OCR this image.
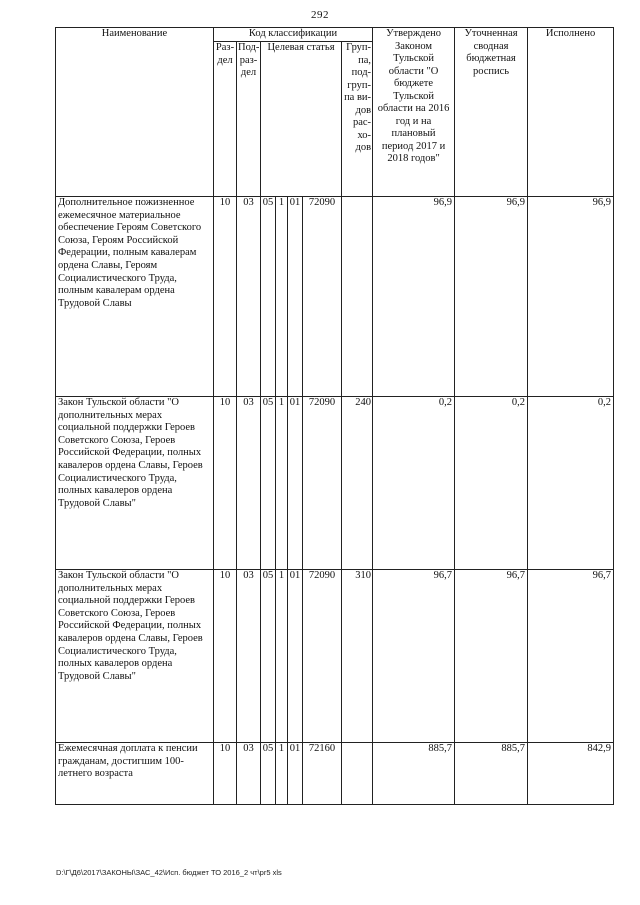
292
Наименование	Код классификации							Утверждено Законом Тульской области "О бюджете Тульской области на 2016 год и на плановый период 2017 и 2018 годов"	Уточненная сводная бюджетная роспись	Исполнено
	Раз-дел	Под-раз-дел	Целевая статья				Груп-па, под-груп-па ви-дов рас-хо-дов			
Дополнительное пожизненное ежемесячное материальное обеспечение Героям Советского Союза, Героям Российской Федерации, полным кавалерам ордена Славы, Героям Социалистического Труда, полным кавалерам ордена Трудовой Славы	10	03	05	1	01	72090		96,9	96,9	96,9
Закон Тульской области "О дополнительных мерах социальной поддержки Героев Советского Союза, Героев Российской Федерации, полных кавалеров ордена Славы, Героев Социалистического Труда, полных кавалеров ордена Трудовой Славы"	10	03	05	1	01	72090	240	0,2	0,2	0,2
Закон Тульской области "О дополнительных мерах социальной поддержки Героев Советского Союза, Героев Российской Федерации, полных кавалеров ордена Славы, Героев Социалистического Труда, полных кавалеров ордена Трудовой Славы"	10	03	05	1	01	72090	310	96,7	96,7	96,7
Ежемесячная доплата к пенсии гражданам, достигшим 100-летнего возраста	10	03	05	1	01	72160		885,7	885,7	842,9
D:\Г\Д6\2017\ЗАКОНЫ\ЗАС_42\Исп. бюджет ТО 2016_2 чт\pr5 xls
